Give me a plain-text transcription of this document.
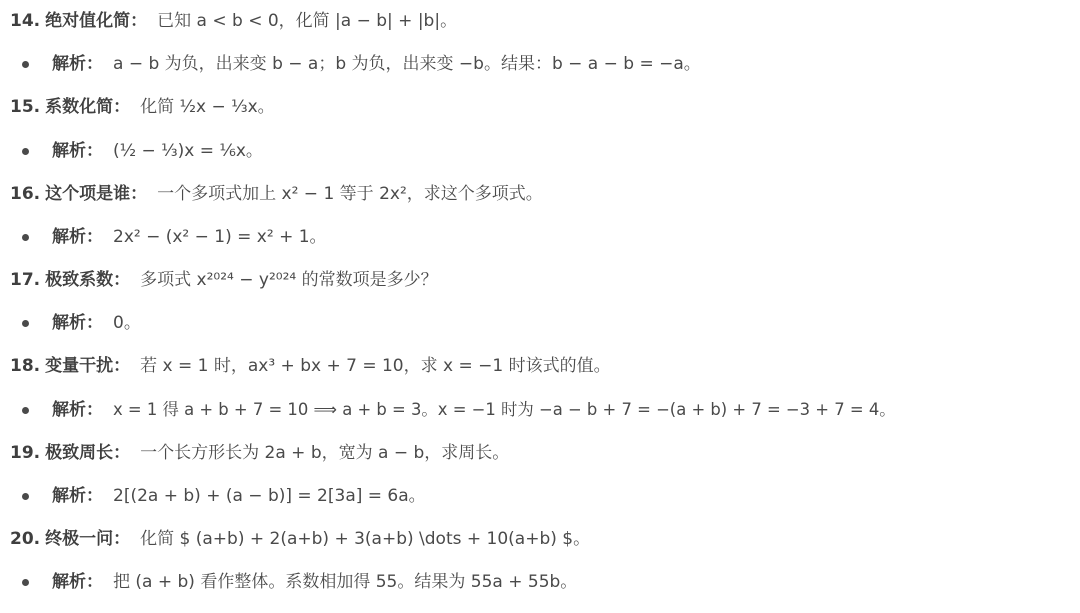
14. 绝对值化简： 已知 a < b < 0，化简 |a − b| + |b|。
解析： a − b 为负，出来变 b − a；b 为负，出来变 −b。结果：b − a − b = −a。
15. 系数化简： 化简 ½x − ⅓x。
解析： (½ − ⅓)x = ⅙x。
16. 这个项是谁： 一个多项式加上 x² − 1 等于 2x²，求这个多项式。
解析： 2x² − (x² − 1) = x² + 1。
17. 极致系数： 多项式 x²⁰²⁴ − y²⁰²⁴ 的常数项是多少？
解析： 0。
18. 变量干扰： 若 x = 1 时，ax³ + bx + 7 = 10，求 x = −1 时该式的值。
解析： x = 1 得 a + b + 7 = 10 ⟹ a + b = 3。x = −1 时为 −a − b + 7 = −(a + b) + 7 = −3 + 7 = 4。
19. 极致周长： 一个长方形长为 2a + b，宽为 a − b，求周长。
解析： 2[(2a + b) + (a − b)] = 2[3a] = 6a。
20. 终极一问： 化简 $ (a+b) + 2(a+b) + 3(a+b) \dots + 10(a+b) $。
解析： 把 (a + b) 看作整体。系数相加得 55。结果为 55a + 55b。
